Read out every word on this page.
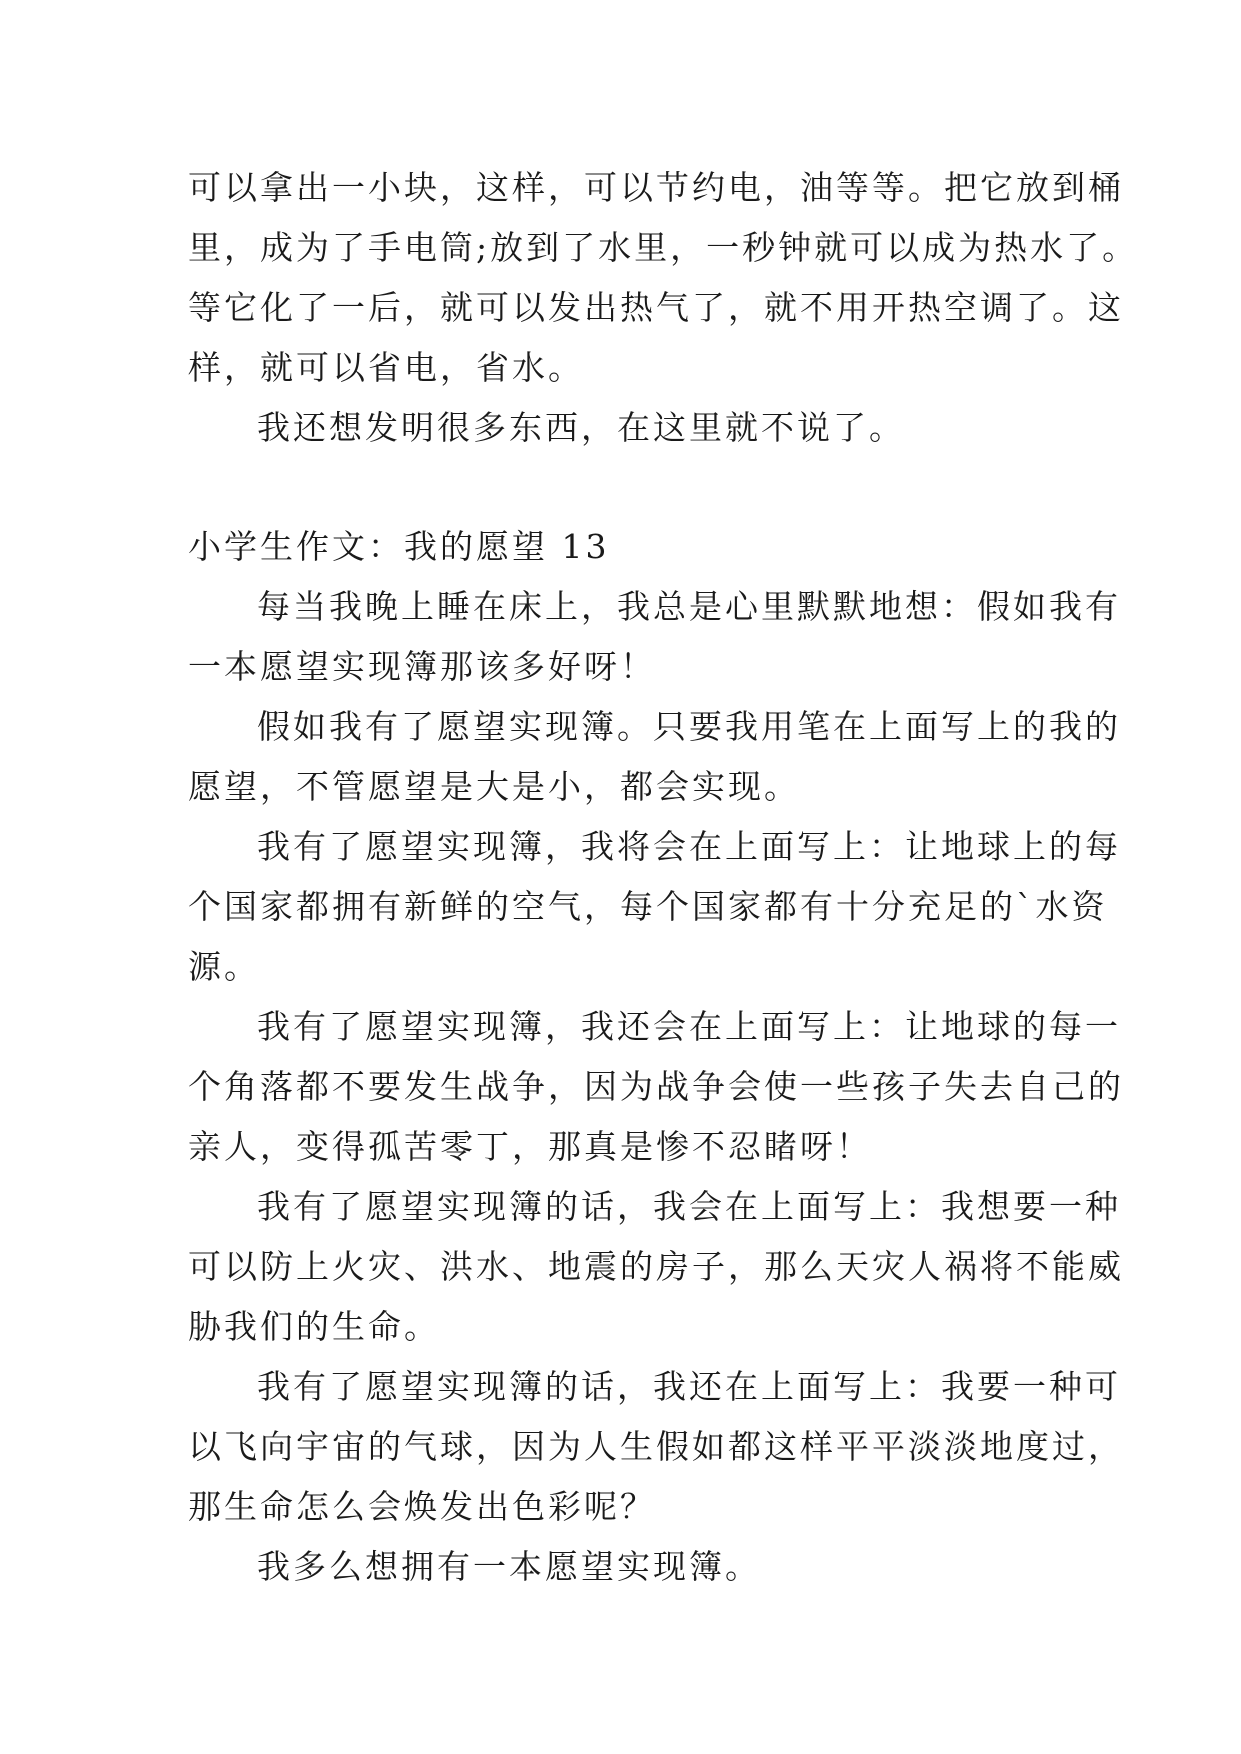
可以拿出一小块，这样，可以节约电，油等等。把它放到桶
里，成为了手电筒;放到了水里，一秒钟就可以成为热水了。
等它化了一后，就可以发出热气了，就不用开热空调了。这
样，就可以省电，省水。
我还想发明很多东西，在这里就不说了。
小学生作文：我的愿望 13
每当我晚上睡在床上，我总是心里默默地想：假如我有
一本愿望实现簿那该多好呀！
假如我有了愿望实现簿。只要我用笔在上面写上的我的
愿望，不管愿望是大是小，都会实现。
我有了愿望实现簿，我将会在上面写上：让地球上的每
个国家都拥有新鲜的空气，每个国家都有十分充足的`水资
源。
我有了愿望实现簿，我还会在上面写上：让地球的每一
个角落都不要发生战争，因为战争会使一些孩子失去自己的
亲人，变得孤苦零丁，那真是惨不忍睹呀！
我有了愿望实现簿的话，我会在上面写上：我想要一种
可以防上火灾、洪水、地震的房子，那么天灾人祸将不能威
胁我们的生命。
我有了愿望实现簿的话，我还在上面写上：我要一种可
以飞向宇宙的气球，因为人生假如都这样平平淡淡地度过，
那生命怎么会焕发出色彩呢？
我多么想拥有一本愿望实现簿。
